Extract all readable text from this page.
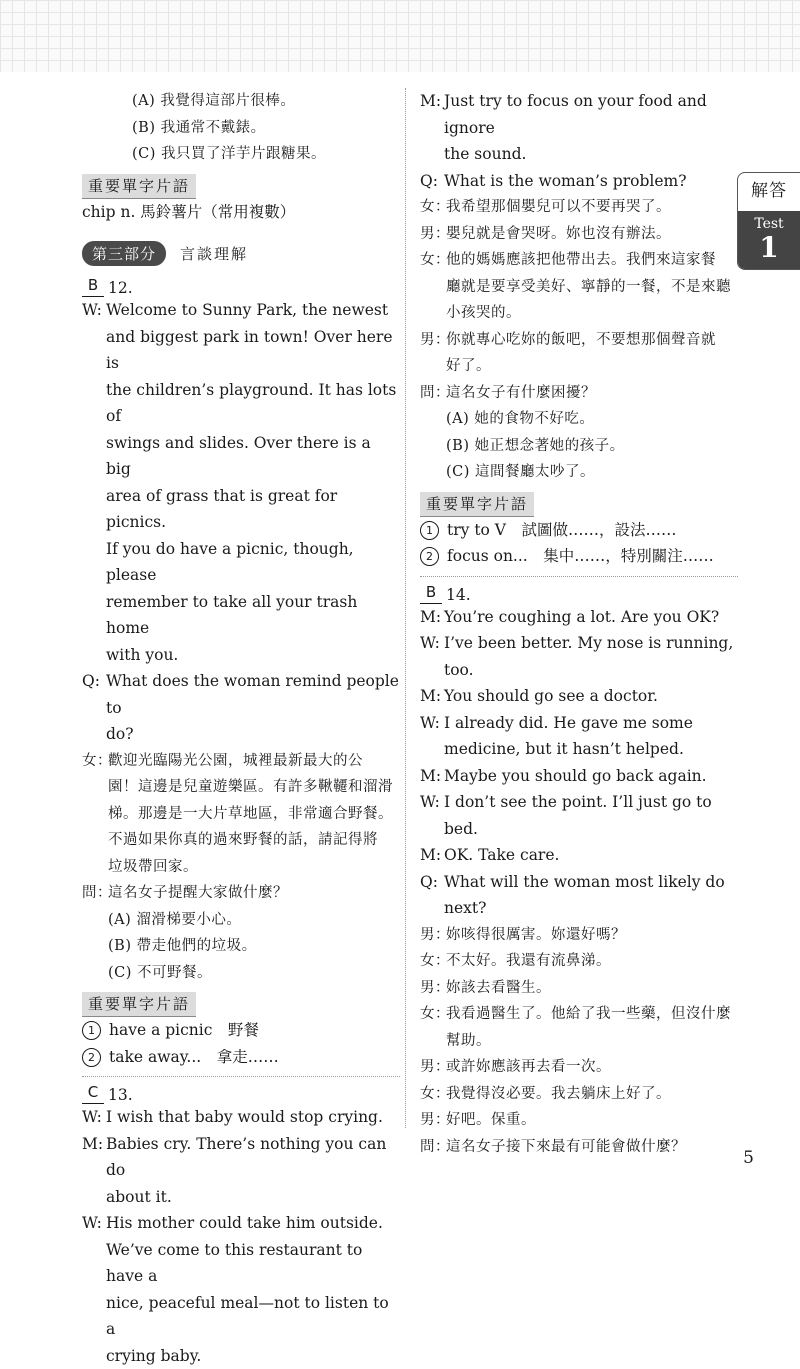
(A) 我覺得這部片很棒。

(B) 我通常不戴錶。

(C) 我只買了洋芋片跟糖果。

重要單字片語

chip n. 馬鈴薯片（常用複數）

第三部分	言談理解
B 12.
W: Welcome to Sunny Park, the newest

and biggest park in town! Over here is

the children’s playground. It has lots of

swings and slides. Over there is a big

area of grass that is great for picnics.

If you do have a picnic, though, please

remember to take all your trash home

with you.

Q: What does the woman remind people to

do?

女：

歡迎光臨陽光公園，城裡最新最大的公

園！這邊是兒童遊樂區。有許多鞦韆和溜滑

梯。那邊是一大片草地區，非常適合野餐。

不過如果你真的過來野餐的話，請記得將

垃圾帶回家。

問：

這名女子提醒大家做什麼？

(A) 溜滑梯要小心。

(B) 帶走他們的垃圾。

(C) 不可野餐。

重要單字片語
1 have a picnic　野餐
2 take away...　拿走……
C 13.
W: I wish that baby would stop crying.

M: Babies cry. There’s nothing you can do

about it.

W: His mother could take him outside.

We’ve come to this restaurant to have a

nice, peaceful meal—not to listen to a

crying baby.

M: Just try to focus on your food and ignore

the sound.

Q: What is the woman’s problem?

女：

我希望那個嬰兒可以不要再哭了。

男：

嬰兒就是會哭呀。妳也沒有辦法。

女：

他的媽媽應該把他帶出去。我們來這家餐

廳就是要享受美好、寧靜的一餐，不是來聽

小孩哭的。

男：

你就專心吃妳的飯吧，不要想那個聲音就

好了。

問：

這名女子有什麼困擾？

(A) 她的食物不好吃。

(B) 她正想念著她的孩子。

(C) 這間餐廳太吵了。

重要單字片語
1 try to V　試圖做……，設法……
2 focus on...　集中……，特別關注……
B 14.
M: You’re coughing a lot. Are you OK?

W: I’ve been better. My nose is running,

too.

M: You should go see a doctor.

W: I already did. He gave me some

medicine, but it hasn’t helped.

M: Maybe you should go back again.

W: I don’t see the point. I’ll just go to bed.

M: OK. Take care.

Q: What will the woman most likely do

next?

男：

妳咳得很厲害。妳還好嗎？

女：

不太好。我還有流鼻涕。

男：

妳該去看醫生。

女：

我看過醫生了。他給了我一些藥，但沒什麼

幫助。

男：

或許妳應該再去看一次。

女：

我覺得沒必要。我去躺床上好了。

男：

好吧。保重。

問：

這名女子接下來最有可能會做什麼？

解答
Test
1
5
